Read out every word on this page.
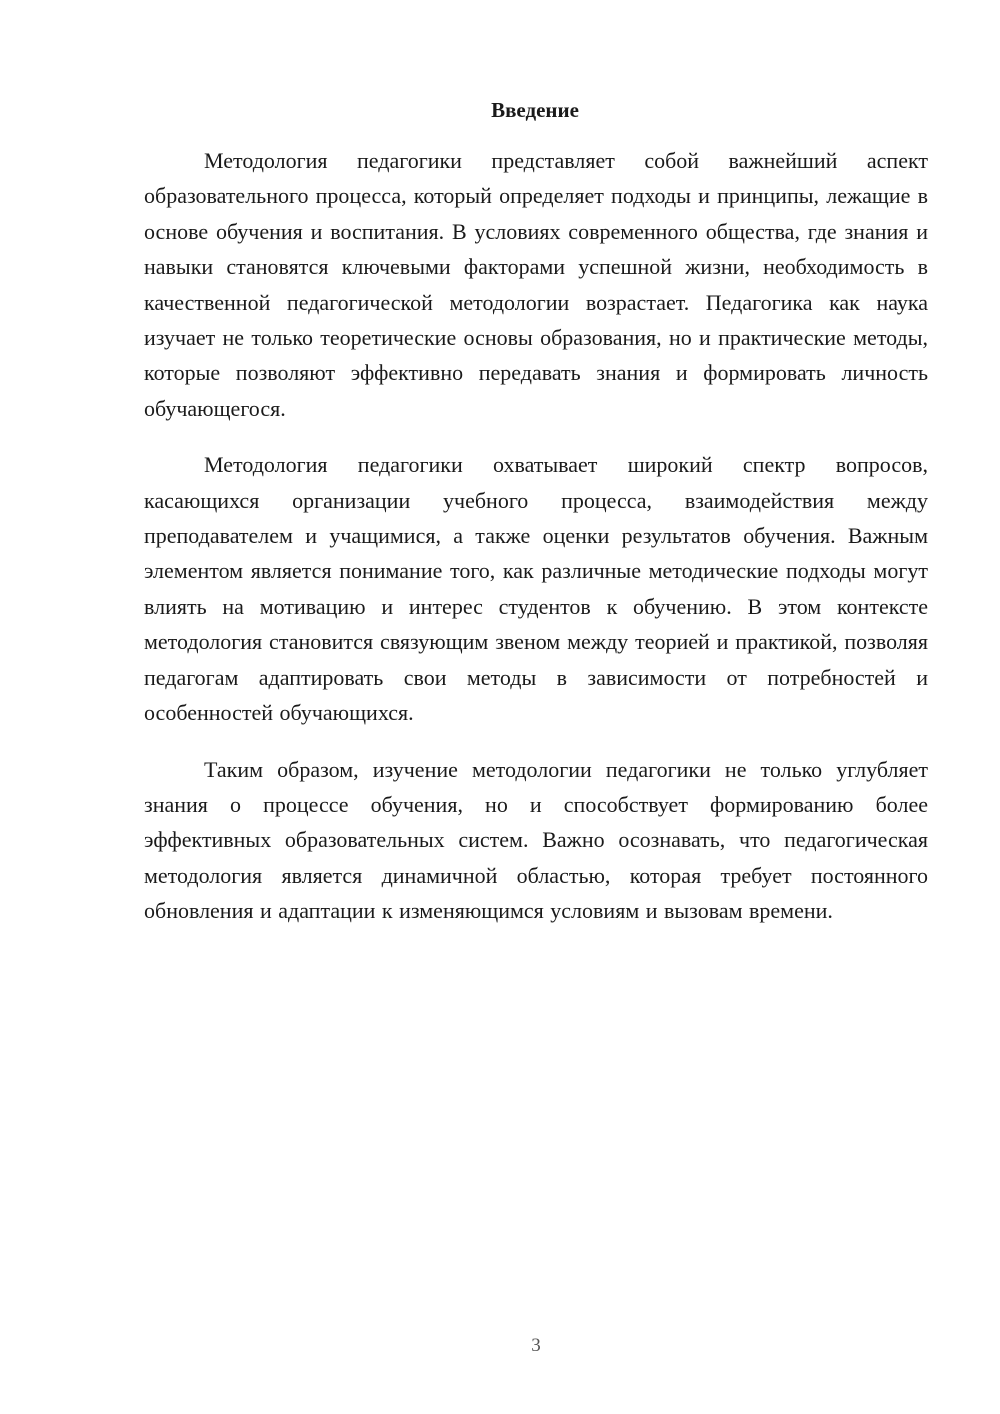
Введение

Методология педагогики представляет собой важнейший аспект образовательного процесса, который определяет подходы и принципы, лежащие в основе обучения и воспитания. В условиях современного общества, где знания и навыки становятся ключевыми факторами успешной жизни, необходимость в качественной педагогической методологии возрастает. Педагогика как наука изучает не только теоретические основы образования, но и практические методы, которые позволяют эффективно передавать знания и формировать личность обучающегося.

Методология педагогики охватывает широкий спектр вопросов, касающихся организации учебного процесса, взаимодействия между преподавателем и учащимися, а также оценки результатов обучения. Важным элементом является понимание того, как различные методические подходы могут влиять на мотивацию и интерес студентов к обучению. В этом контексте методология становится связующим звеном между теорией и практикой, позволяя педагогам адаптировать свои методы в зависимости от потребностей и особенностей обучающихся.

Таким образом, изучение методологии педагогики не только углубляет знания о процессе обучения, но и способствует формированию более эффективных образовательных систем. Важно осознавать, что педагогическая методология является динамичной областью, которая требует постоянного обновления и адаптации к изменяющимся условиям и вызовам времени.

3
